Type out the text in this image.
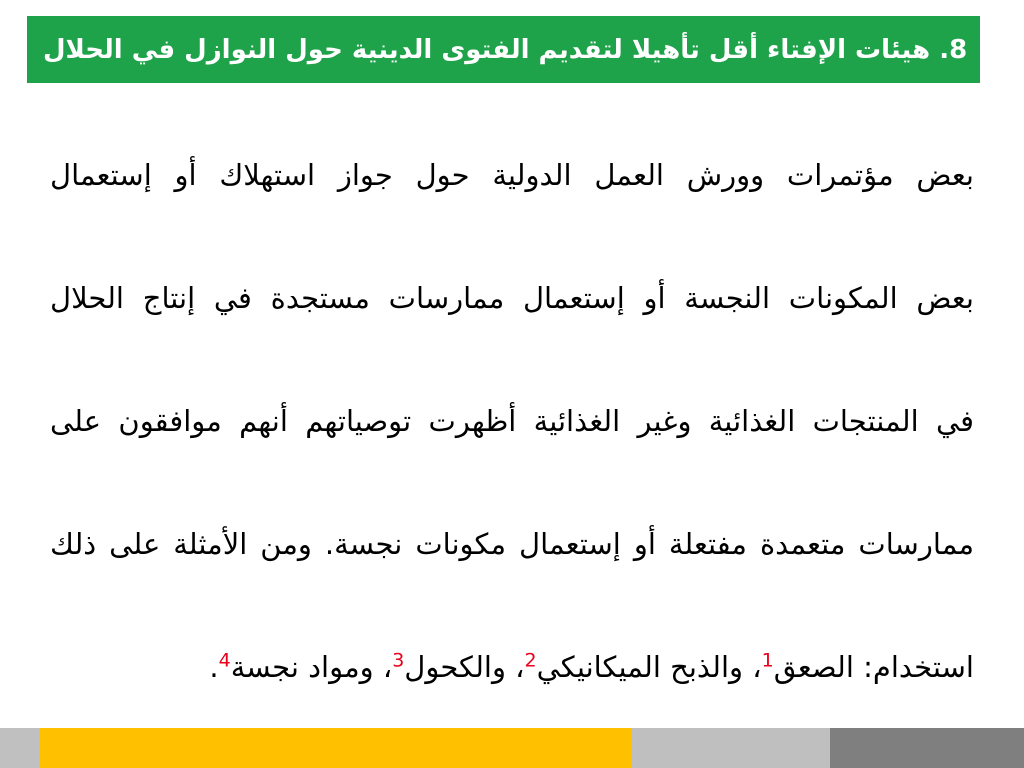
8. هيئات الإفتاء أقل تأهيلا لتقديم الفتوى الدينية حول النوازل في الحلال
بعض مؤتمرات وورش العمل الدولية حول جواز استهلاك أو إستعمال
بعض المكونات النجسة أو إستعمال ممارسات مستجدة في إنتاج الحلال
في المنتجات الغذائية وغير الغذائية أظهرت توصياتهم أنهم موافقون على
ممارسات متعمدة مفتعلة أو إستعمال مكونات نجسة. ومن الأمثلة على ذلك
استخدام: الصعق$^1$، والذبح الميكانيكي$^2$، والكحول$^3$، ومواد نجسة$^4$.
